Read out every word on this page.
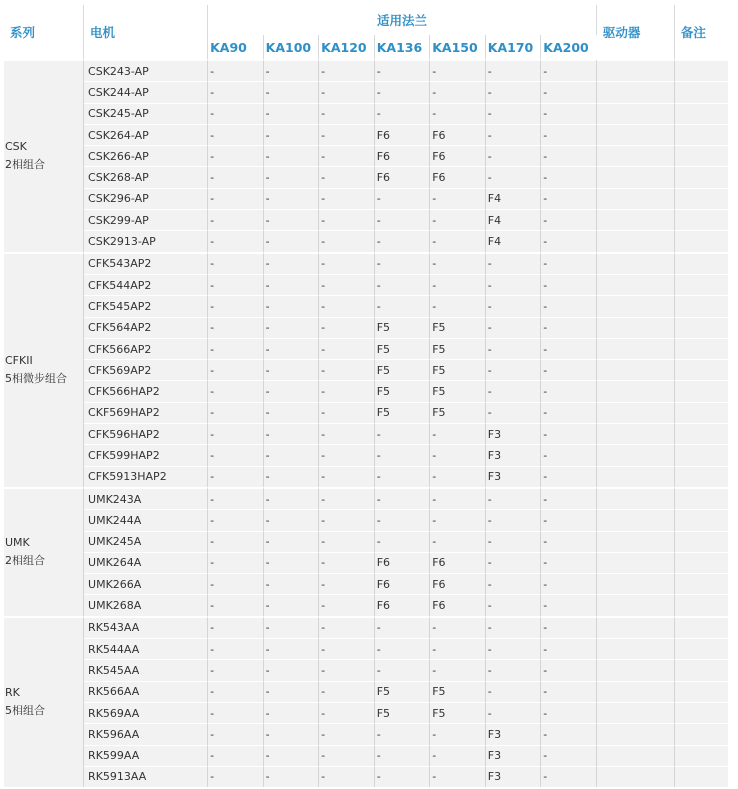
系列	电机	适用法兰							驱动器	备注
		KA90	KA100	KA120	KA136	KA150	KA170	KA200		

CSK
2相组合	CSK243-AP	-	-	-	-	-	-	-		
	CSK244-AP	-	-	-	-	-	-	-		
	CSK245-AP	-	-	-	-	-	-	-		
	CSK264-AP	-	-	-	F6	F6	-	-		
	CSK266-AP	-	-	-	F6	F6	-	-		
	CSK268-AP	-	-	-	F6	F6	-	-		
	CSK296-AP	-	-	-	-	-	F4	-		
	CSK299-AP	-	-	-	-	-	F4	-		
	CSK2913-AP	-	-	-	-	-	F4	-		

CFKII
5相微步组合	CFK543AP2	-	-	-	-	-	-	-		
	CFK544AP2	-	-	-	-	-	-	-		
	CFK545AP2	-	-	-	-	-	-	-		
	CFK564AP2	-	-	-	F5	F5	-	-		
	CFK566AP2	-	-	-	F5	F5	-	-		
	CFK569AP2	-	-	-	F5	F5	-	-		
	CFK566HAP2	-	-	-	F5	F5	-	-		
	CKF569HAP2	-	-	-	F5	F5	-	-		
	CFK596HAP2	-	-	-	-	-	F3	-		
	CFK599HAP2	-	-	-	-	-	F3	-		
	CFK5913HAP2	-	-	-	-	-	F3	-		

UMK
2相组合	UMK243A	-	-	-	-	-	-	-		
	UMK244A	-	-	-	-	-	-	-		
	UMK245A	-	-	-	-	-	-	-		
	UMK264A	-	-	-	F6	F6	-	-		
	UMK266A	-	-	-	F6	F6	-	-		
	UMK268A	-	-	-	F6	F6	-	-		

RK
5相组合	RK543AA	-	-	-	-	-	-	-		
	RK544AA	-	-	-	-	-	-	-		
	RK545AA	-	-	-	-	-	-	-		
	RK566AA	-	-	-	F5	F5	-	-		
	RK569AA	-	-	-	F5	F5	-	-		
	RK596AA	-	-	-	-	-	F3	-		
	RK599AA	-	-	-	-	-	F3	-		
	RK5913AA	-	-	-	-	-	F3	-		
